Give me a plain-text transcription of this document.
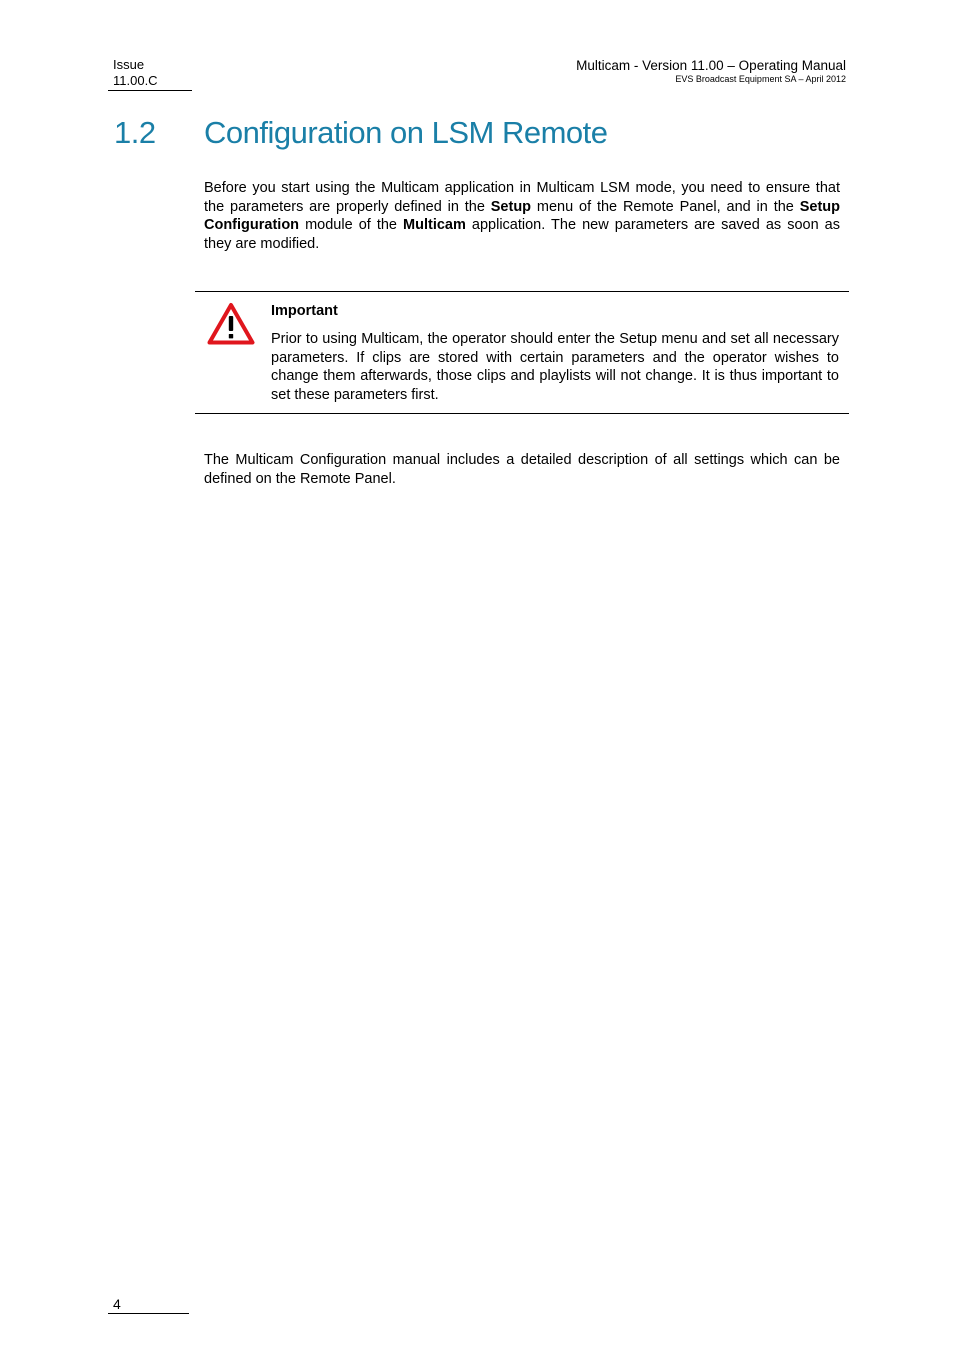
Issue
11.00.C
Multicam - Version 11.00 – Operating Manual
EVS Broadcast Equipment SA – April 2012
1.2 Configuration on LSM Remote
Before you start using the Multicam application in Multicam LSM mode, you need to ensure that the parameters are properly defined in the Setup menu of the Remote Panel, and in the Setup Configuration module of the Multicam application. The new parameters are saved as soon as they are modified.
Important
Prior to using Multicam, the operator should enter the Setup menu and set all necessary parameters. If clips are stored with certain parameters and the operator wishes to change them afterwards, those clips and playlists will not change. It is thus important to set these parameters first.
The Multicam Configuration manual includes a detailed description of all settings which can be defined on the Remote Panel.
4
